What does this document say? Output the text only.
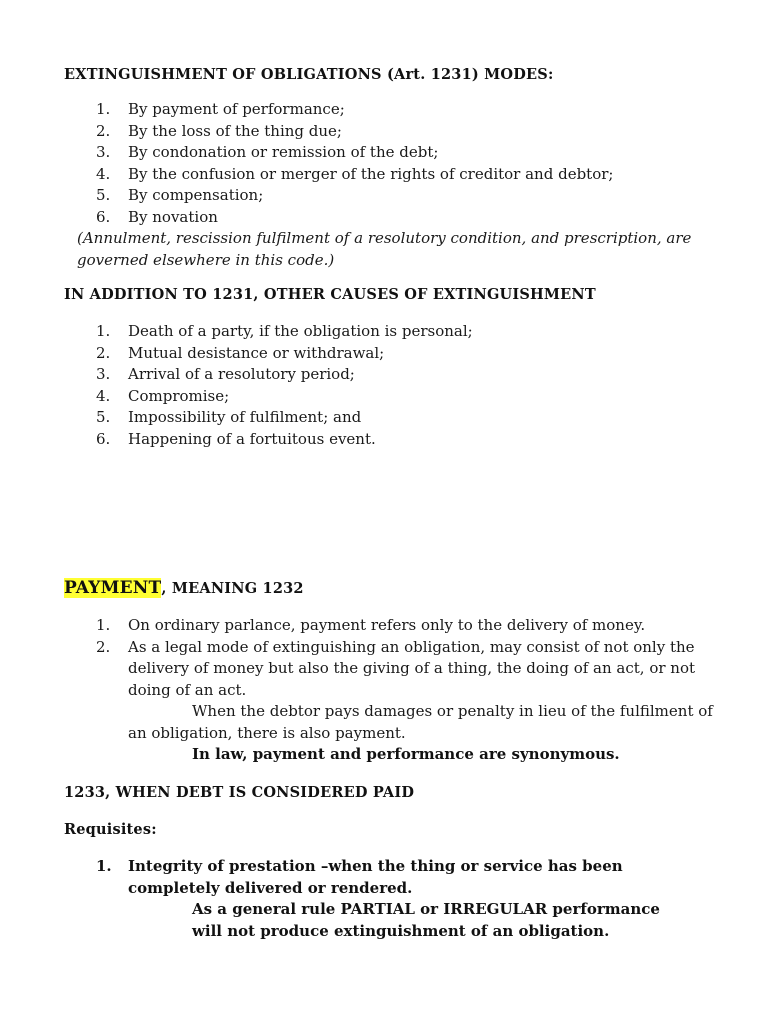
EXTINGUISHMENT OF OBLIGATIONS (Art. 1231) MODES:
1.	By payment of performance;
2.	By the loss of the thing due;
3.	By condonation or remission of the debt;
4.	By the confusion or merger of the rights of creditor and debtor;
5.	By compensation;
6.	By novation
(Annulment, rescission fulfilment of a resolutory condition, and prescription, are governed elsewhere in this code.)
IN ADDITION TO 1231, OTHER CAUSES OF EXTINGUISHMENT
1.	Death of a party, if the obligation is personal;
2.	Mutual desistance or withdrawal;
3.	Arrival of a resolutory period;
4.	Compromise;
5.	Impossibility of fulfilment; and
6.	Happening of a fortuitous event.
PAYMENT, MEANING 1232
1.	On ordinary parlance, payment refers only to the delivery of money.
2.	As a legal mode of extinguishing an obligation, may consist of not only the delivery of money but also the giving of a thing, the doing of an act, or not doing of an act.
When the debtor pays damages or penalty in lieu of the fulfilment of an obligation, there is also payment.
In law, payment and performance are synonymous.
1233, WHEN DEBT IS CONSIDERED PAID
Requisites:
1.	Integrity of prestation –when the thing or service has been completely delivered or rendered.
As a general rule PARTIAL or IRREGULAR performance will not produce extinguishment of an obligation.
